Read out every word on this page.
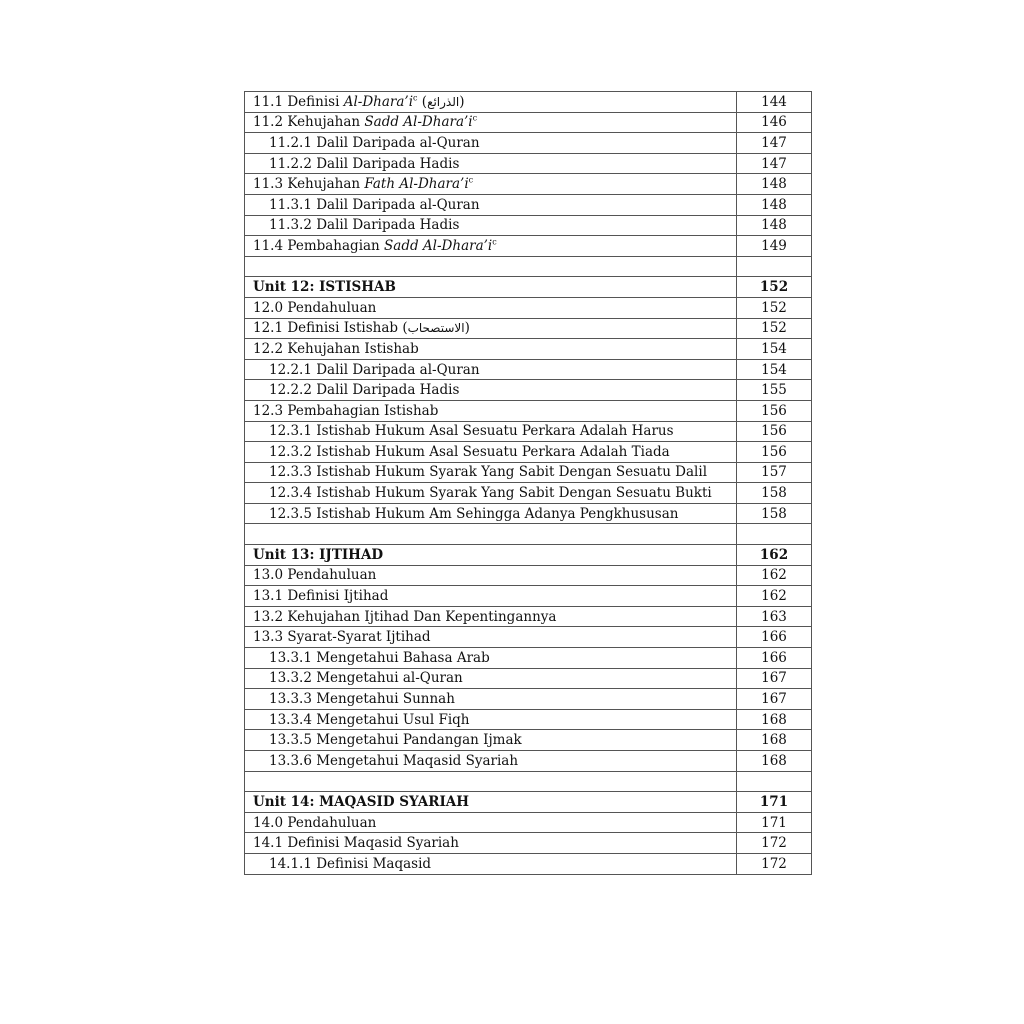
11.1 Definisi $Al-Dhara’i^c$ (الذرائع)	144
11.2 Kehujahan Sadd $Al-Dhara’i^c$	146
11.2.1 Dalil Daripada al-Quran	147
11.2.2 Dalil Daripada Hadis	147
11.3 Kehujahan Fath $Al-Dhara’i^c$	148
11.3.1 Dalil Daripada al-Quran	148
11.3.2 Dalil Daripada Hadis	148
11.4 Pembahagian Sadd $Al-Dhara’i^c$	149

Unit 12: ISTISHAB	152
12.0 Pendahuluan	152
12.1 Definisi Istishab (الاستصحاب)	152
12.2 Kehujahan Istishab	154
12.2.1 Dalil Daripada al-Quran	154
12.2.2 Dalil Daripada Hadis	155
12.3 Pembahagian Istishab	156
12.3.1 Istishab Hukum Asal Sesuatu Perkara Adalah Harus	156
12.3.2 Istishab Hukum Asal Sesuatu Perkara Adalah Tiada	156
12.3.3 Istishab Hukum Syarak Yang Sabit Dengan Sesuatu Dalil	157
12.3.4 Istishab Hukum Syarak Yang Sabit Dengan Sesuatu Bukti	158
12.3.5 Istishab Hukum Am Sehingga Adanya Pengkhususan	158

Unit 13: IJTIHAD	162
13.0 Pendahuluan	162
13.1 Definisi Ijtihad	162
13.2 Kehujahan Ijtihad Dan Kepentingannya	163
13.3 Syarat-Syarat Ijtihad	166
13.3.1 Mengetahui Bahasa Arab	166
13.3.2 Mengetahui al-Quran	167
13.3.3 Mengetahui Sunnah	167
13.3.4 Mengetahui Usul Fiqh	168
13.3.5 Mengetahui Pandangan Ijmak	168
13.3.6 Mengetahui Maqasid Syariah	168

Unit 14: MAQASID SYARIAH	171
14.0 Pendahuluan	171
14.1 Definisi Maqasid Syariah	172
14.1.1 Definisi Maqasid	172
